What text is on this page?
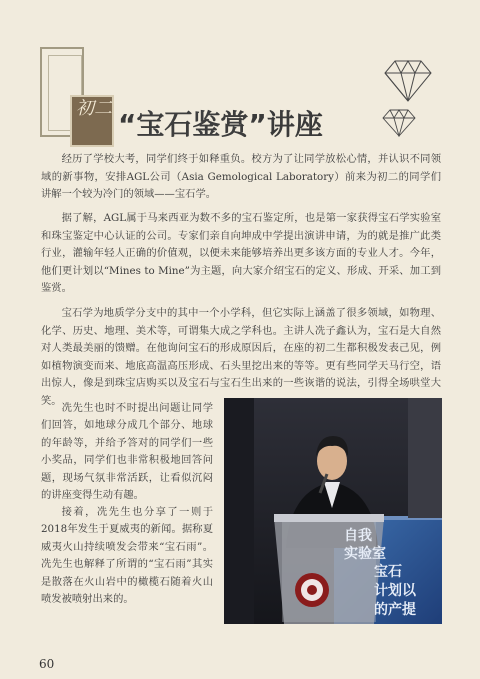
初二 “宝石鉴赏”讲座

经历了学校大考，同学们终于如释重负。校方为了让同学放松心情，并认识不同领域的新事物，安排AGL公司（Asia Gemological Laboratory）前来为初二的同学们讲解一个较为冷门的领域——宝石学。

据了解，AGL属于马来西亚为数不多的宝石鉴定所，也是第一家获得宝石学实验室和珠宝鉴定中心认证的公司。专家们亲自向坤成中学提出演讲申请，为的就是推广此类行业，灌输年轻人正确的价值观，以便未来能够培养出更多该方面的专业人才。今年，他们更计划以“Mines to Mine”为主题，向大家介绍宝石的定义、形成、开采、加工到鉴赏。

宝石学为地质学分支中的其中一个小学科，但它实际上涵盖了很多领域，如物理、化学、历史、地理、美术等，可谓集大成之学科也。主讲人冼子鑫认为，宝石是大自然对人类最美丽的馈赠。在他询问宝石的形成原因后，在座的初二生都积极发表己见，例如植物演变而来、地底高温高压形成、石头里挖出来的等等。更有些同学天马行空，语出惊人，像是到珠宝店购买以及宝石与宝石生出来的一些诙谐的说法，引得全场哄堂大笑。

冼先生也时不时提出问题让同学们回答，如地球分成几个部分、地球的年龄等，并给予答对的同学们一些小奖品，同学们也非常积极地回答问题，现场气氛非常活跃，让看似沉闷的讲座变得生动有趣。

接着，冼先生也分享了一则于2018年发生于夏威夷的新闻。据称夏威夷火山持续喷发会带来“宝石雨”。冼先生也解释了所谓的“宝石雨”其实是散落在火山岩中的橄榄石随着火山喷发被喷射出来的。

自我
实验室
宝石
计划以
的产提
60
